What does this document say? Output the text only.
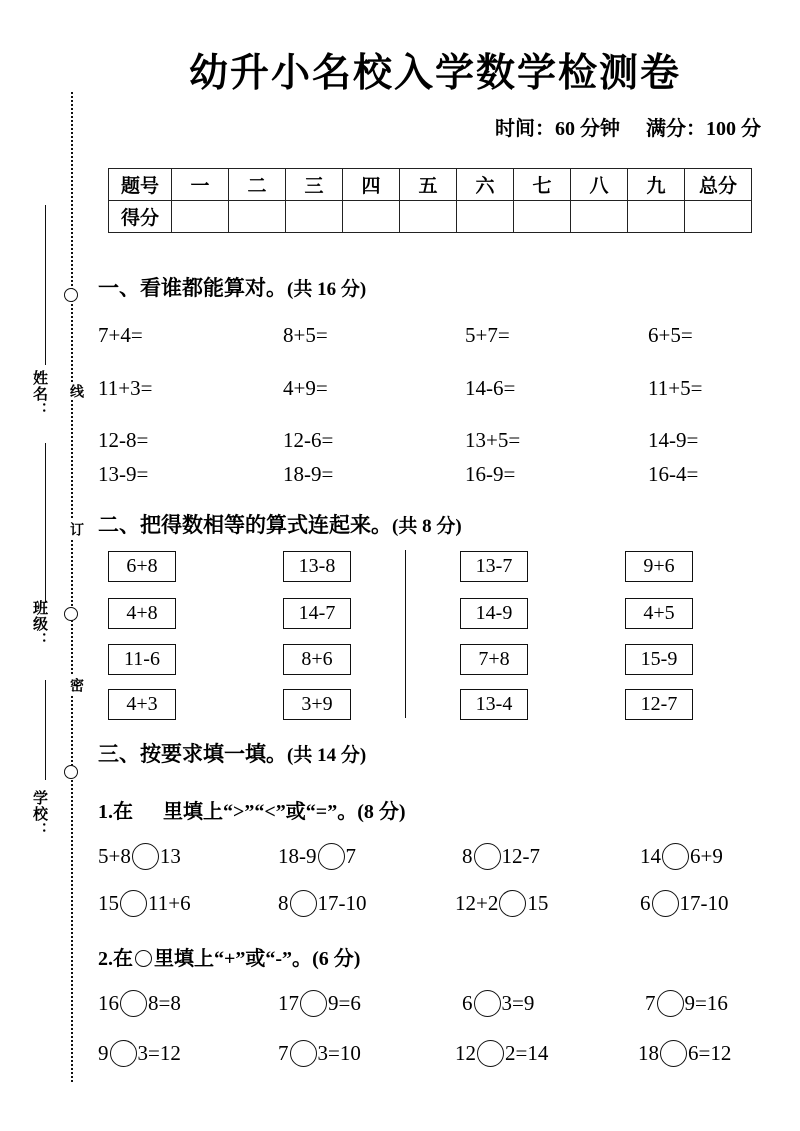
线
订
密
姓名：
班级：
学校：
幼升小名校入学数学检测卷
时间：60 分钟 满分：100 分
题号	一	二	三	四	五	六	七	八	九	总分
得分										
一、看谁都能算对。(共 16 分)
7+4=	8+5=	5+7=	6+5=
11+3=	4+9=	14-6=	11+5=
12-8=	12-6=	13+5=	14-9=
13-9=	18-9=	16-9=	16-4=
二、把得数相等的算式连起来。(共 8 分)
6+8	13-8	13-7	9+6
4+8	14-7	14-9	4+5
11-6	8+6	7+8	15-9
4+3	3+9	13-4	12-7
三、按要求填一填。(共 14 分)
1.在 里填上“>”“<”或“=”。(8 分)
5+8 13	18-9 7	8 12-7	14 6+9
15 11+6	8 17-10	12+2 15	6 17-10
2.在 里填上“+”或“-”。(6 分)
16 8=8	17 9=6	6 3=9	7 9=16
9 3=12	7 3=10	12 2=14	18 6=12
